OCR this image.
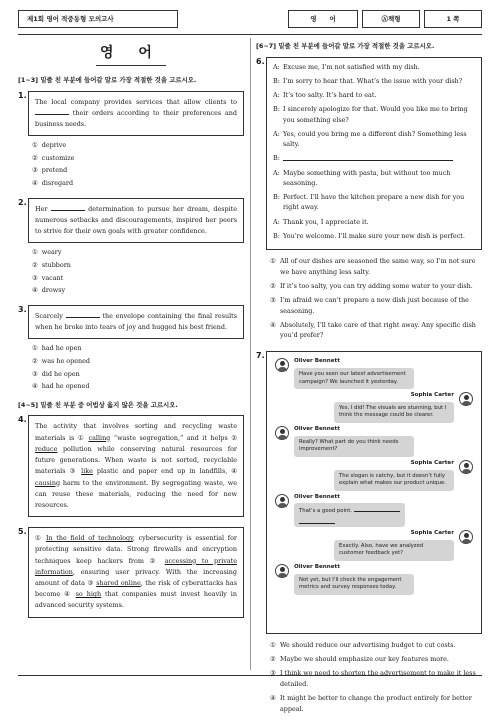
제1회 영어 적중동형 모의고사	영　　어	Ⓐ책형	1 쪽
영 어
[1~3] 밑줄 친 부분에 들어갈 말로 가장 적절한 것을 고르시오.
1.
The local company provides services that allow clients to  their orders according to their preferences and business needs.
① deprive
② customize
③ pretend
④ disregard
2.
Her	determination to pursue her dream, despite numerous setbacks and discouragements, inspired her peers to strive for their own goals with greater confidence.
① weary
② stubborn
③ vacant
④ drowsy
3.
Scarcely	the envelope containing the final results when he broke into tears of joy and hugged his best friend.
① had he open
② was he opened
③ did he open
④ had he opened
[4~5] 밑줄 친 부분 중 어법상 옳지 않은 것을 고르시오.
4.
The activity that involves sorting and recycling waste materials is ① calling “waste segregation,” and it helps ② reduce pollution while conserving natural resources for future generations. When waste is not sorted, recyclable materials ③ like plastic and paper end up in landfills, ④ causing harm to the environment. By segregating waste, we can reuse these materials, reducing the need for new resources.
5.
① In the field of technology, cybersecurity is essential for protecting sensitive data. Strong firewalls and encryption techniques keep hackers from ② accessing to private information, ensuring user privacy. With the increasing amount of data ③ shared online, the risk of cyberattacks has become ④ so high that companies must invest heavily in advanced security systems.
[6~7] 밑줄 친 부분에 들어갈 말로 가장 적절한 것을 고르시오.
6.
A: Excuse me, I’m not satisfied with my dish.
B: I’m sorry to hear that. What’s the issue with your dish?
A: It’s too salty. It’s hard to eat.
B: I sincerely apologize for that. Would you like me to bring you something else?
A: Yes, could you bring me a different dish? Something less salty.
B:
A: Maybe something with pasta, but without too much seasoning.
B: Perfect. I’ll have the kitchen prepare a new dish for you right away.
A: Thank you, I appreciate it.
B: You’re welcome. I’ll make sure your new dish is perfect.
① All of our dishes are seasoned the same way, so I’m not sure we have anything less salty.
② If it’s too salty, you can try adding some water to your dish.
③ I’m afraid we can’t prepare a new dish just because of the seasoning.
④ Absolutely, I’ll take care of that right away. Any specific dish you’d prefer?
7.
Oliver Bennett
Have you seen our latest advertisement campaign? We launched it yesterday.
Sophia Carter
Yes, I did! The visuals are stunning, but I think the message could be clearer.
Oliver Bennett
Really? What part do you think needs improvement?
Sophia Carter
The slogan is catchy, but it doesn’t fully explain what makes our product unique.
Oliver Bennett
That’s a good point.
Sophia Carter
Exactly. Also, have we analyzed customer feedback yet?
Oliver Bennett
Not yet, but I’ll check the engagement metrics and survey responses today.
① We should reduce our advertising budget to cut costs.
② Maybe we should emphasize our key features more.
③ I think we need to shorten the advertisement to make it less detailed.
④ It might be better to change the product entirely for better appeal.
